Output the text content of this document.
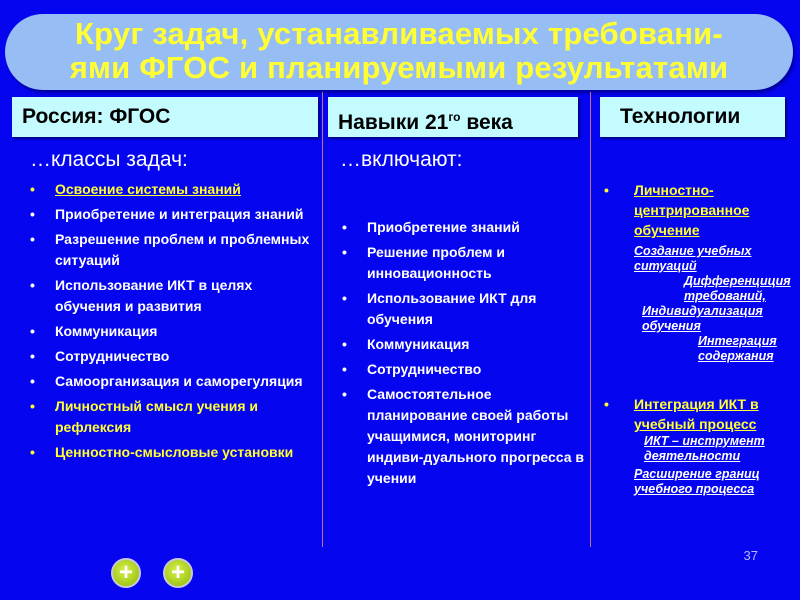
Круг задач, устанавливаемых требовани-
ями ФГОС и планируемыми результатами
Россия: ФГОС	Навыки $21^{го}$ века	Технологии
…классы задач:
• Освоение системы знаний
• Приобретение и интеграция знаний
• Разрешение проблем и проблемных ситуаций
• Использование ИКТ в целях обучения и развития
• Коммуникация
• Сотрудничество
• Самоорганизация и саморегуляция
• Личностный смысл учения и рефлексия
• Ценностно-смысловые установки
…включают:
• Приобретение знаний
• Решение проблем и инновационность
• Использование ИКТ для обучения
• Коммуникация
• Сотрудничество
• Самостоятельное планирование своей работы учащимися, мониторинг индиви-дуального прогресса в учении
• Личностно-центрированное обучение
Создание учебных ситуаций
Дифференциция требований,
Индивидуализация обучения
Интеграция содержания
• Интеграция ИКТ в учебный процесс
ИКТ – инструмент деятельности
Расширение границ учебного процесса
+	+
37
